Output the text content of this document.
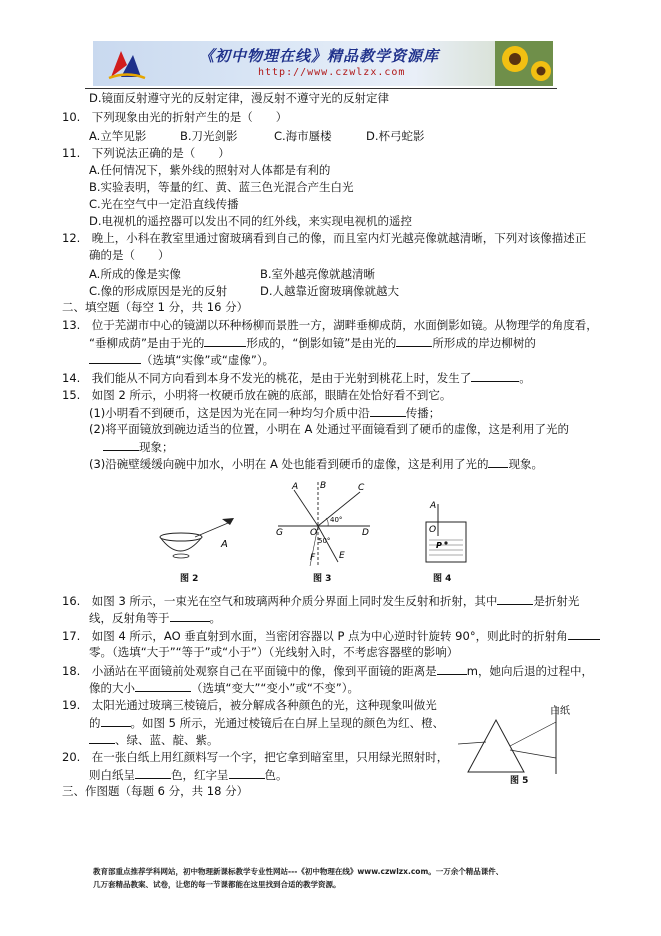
《初中物理在线》精品教学资源库
http://www.czwlzx.com
D.镜面反射遵守光的反射定律，漫反射不遵守光的反射定律
10.　下列现象由光的折射产生的是（　　）
A.立竿见影	B.刀光剑影	C.海市蜃楼	D.杯弓蛇影
11.　下列说法正确的是（　　）
A.任何情况下，紫外线的照射对人体都是有利的
B.实验表明，等量的红、黄、蓝三色光混合产生白光
C.光在空气中一定沿直线传播
D.电视机的遥控器可以发出不同的红外线，来实现电视机的遥控
12.　晚上，小科在教室里通过窗玻璃看到自己的像，而且室内灯光越亮像就越清晰，下列对该像描述正
确的是（　　）
A.所成的像是实像	B.室外越亮像就越清晰
C.像的形成原因是光的反射	D.人越靠近窗玻璃像就越大
二、填空题（每空 1 分，共 16 分）
13.　位于芜湖市中心的镜湖以环种杨柳而景胜一方，湖畔垂柳成荫，水面倒影如镜。从物理学的角度看，
“垂柳成荫”是由于光的	形成的，“倒影如镜”是由光的	所形成的岸边柳树的
（选填“实像”或“虚像”）。
14.　我们能从不同方向看到本身不发光的桃花，是由于光射到桃花上时，发生了	。
15.　如图 2 所示，小明将一枚硬币放在碗的底部，眼睛在处恰好看不到它。
(1)小明看不到硬币，这是因为光在同一种均匀介质中沿	传播；
(2)将平面镜放到碗边适当的位置，小明在 A 处通过平面镜看到了硬币的虚像，这是利用了光的
现象；
(3)沿碗壁缓缓向碗中加水，小明在 A 处也能看到硬币的虚像，这是利用了光的 现象。
A
图 2
A B	C
G	O	D
F	E
40°
50°
图 3
A
O
P
图 4
16.　如图 3 所示，一束光在空气和玻璃两种介质分界面上同时发生反射和折射，其中	是折射光
线，反射角等于	。
17.　如图 4 所示，AO 垂直射到水面，当密闭容器以 P 点为中心逆时针旋转 90°，则此时的折射角
零。（选填“大于”“等于”或“小于”）（光线射入时，不考虑容器壁的影响）
18.　小涵站在平面镜前处观察自己在平面镜中的像，像到平面镜的距离是	m，她向后退的过程中，
像的大小	（选填“变大”“变小”或“不变”）。
19.　太阳光通过玻璃三棱镜后，被分解成各种颜色的光，这种现象叫做光
的	。如图 5 所示，光通过棱镜后在白屏上呈现的颜色为红、橙、
、绿、蓝、靛、紫。
20.　在一张白纸上用红颜料写一个字，把它拿到暗室里，只用绿光照射时，
则白纸呈	色，红字呈	色。
白纸
图 5
三、作图题（每题 6 分，共 18 分）
教育部重点推荐学科网站，初中物理新课标教学专业性网站---《初中物理在线》www.czwlzx.com。一万余个精品课件、
几万套精品教案、试卷，让您的每一节课都能在这里找到合适的教学资源。
